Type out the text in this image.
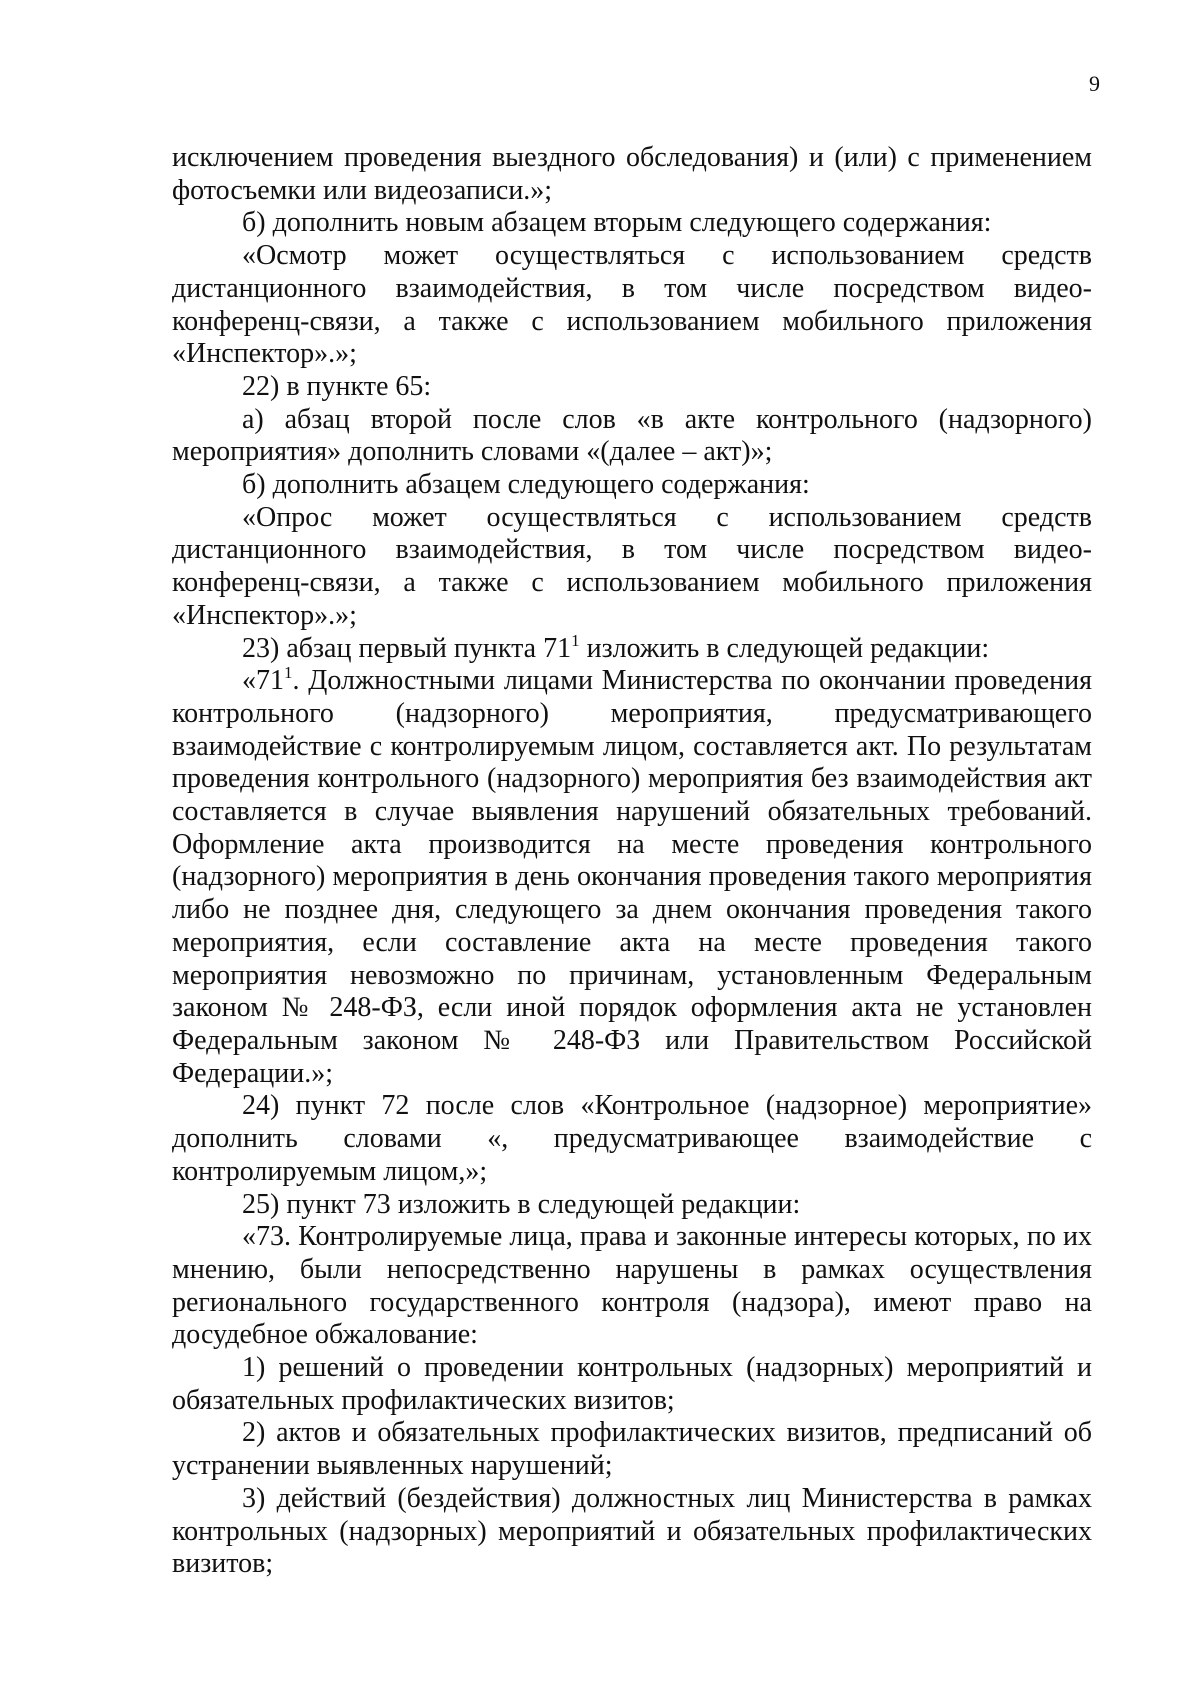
9

исключением проведения выездного обследования) и (или) с применением фотосъемки или видеозаписи.»;

б) дополнить новым абзацем вторым следующего содержания:

«Осмотр может осуществляться с использованием средств дистанционного взаимодействия, в том числе посредством видео-конференц-связи, а также с использованием мобильного приложения «Инспектор».»;

22) в пункте 65:

а) абзац второй после слов «в акте контрольного (надзорного) мероприятия» дополнить словами «(далее – акт)»;

б) дополнить абзацем следующего содержания:

«Опрос может осуществляться с использованием средств дистанционного взаимодействия, в том числе посредством видео-конференц-связи, а также с использованием мобильного приложения «Инспектор».»;

23) абзац первый пункта $71^1$ изложить в следующей редакции:

«$71^1$. Должностными лицами Министерства по окончании проведения контрольного (надзорного) мероприятия, предусматривающего взаимодействие с контролируемым лицом, составляется акт. По результатам проведения контрольного (надзорного) мероприятия без взаимодействия акт составляется в случае выявления нарушений обязательных требований. Оформление акта производится на месте проведения контрольного (надзорного) мероприятия в день окончания проведения такого мероприятия либо не позднее дня, следующего за днем окончания проведения такого мероприятия, если составление акта на месте проведения такого мероприятия невозможно по причинам, установленным Федеральным законом № 248-ФЗ, если иной порядок оформления акта не установлен Федеральным законом № 248-ФЗ или Правительством Российской Федерации.»;

24) пункт 72 после слов «Контрольное (надзорное) мероприятие» дополнить словами «, предусматривающее взаимодействие с контролируемым лицом,»;

25) пункт 73 изложить в следующей редакции:

«73. Контролируемые лица, права и законные интересы которых, по их мнению, были непосредственно нарушены в рамках осуществления регионального государственного контроля (надзора), имеют право на досудебное обжалование:

1) решений о проведении контрольных (надзорных) мероприятий и обязательных профилактических визитов;

2) актов и обязательных профилактических визитов, предписаний об устранении выявленных нарушений;

3) действий (бездействия) должностных лиц Министерства в рамках контрольных (надзорных) мероприятий и обязательных профилактических визитов;
